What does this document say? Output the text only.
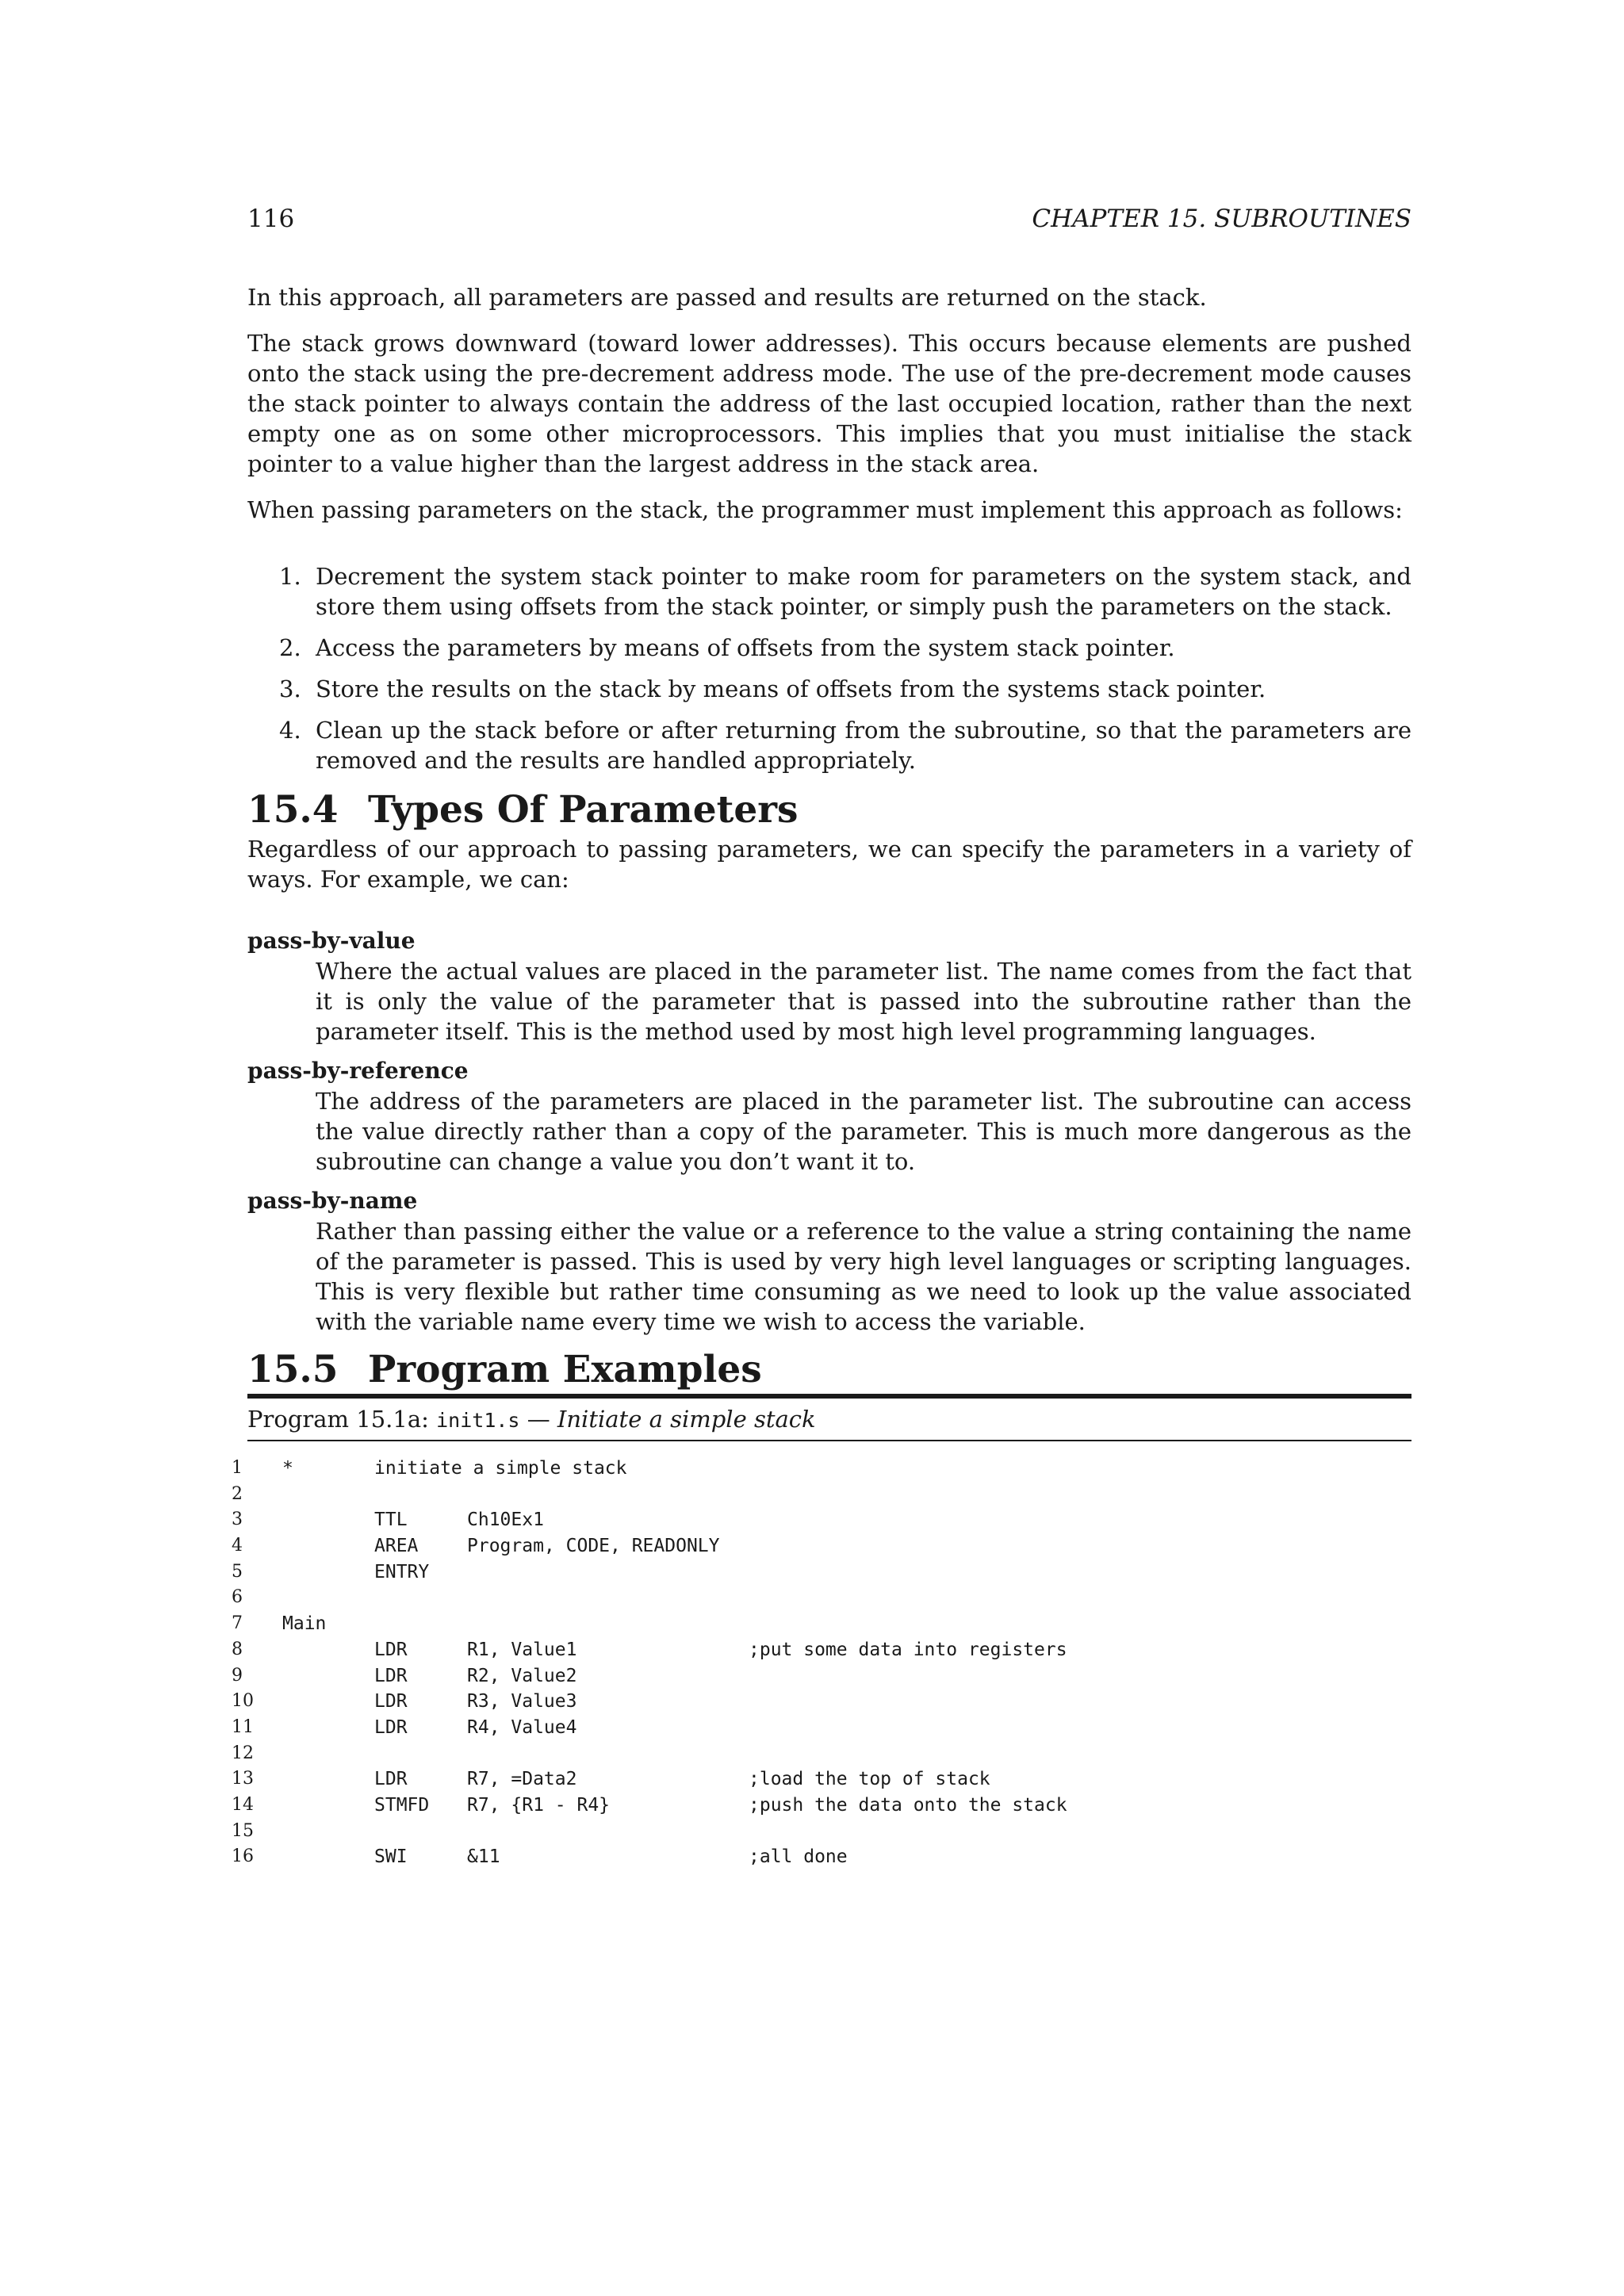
116	CHAPTER 15. SUBROUTINES

In this approach, all parameters are passed and results are returned on the stack.

The stack grows downward (toward lower addresses). This occurs because elements are pushed onto the stack using the pre-decrement address mode. The use of the pre-decrement mode causes the stack pointer to always contain the address of the last occupied location, rather than the next empty one as on some other microprocessors. This implies that you must initialise the stack pointer to a value higher than the largest address in the stack area.

When passing parameters on the stack, the programmer must implement this approach as follows:

1. Decrement the system stack pointer to make room for parameters on the system stack, and store them using offsets from the stack pointer, or simply push the parameters on the stack.
2. Access the parameters by means of offsets from the system stack pointer.
3. Store the results on the stack by means of offsets from the systems stack pointer.
4. Clean up the stack before or after returning from the subroutine, so that the parameters are removed and the results are handled appropriately.
15.4 Types Of Parameters

Regardless of our approach to passing parameters, we can specify the parameters in a variety of ways. For example, we can:

pass-by-value
Where the actual values are placed in the parameter list. The name comes from the fact that it is only the value of the parameter that is passed into the subroutine rather than the parameter itself. This is the method used by most high level programming languages.
pass-by-reference
The address of the parameters are placed in the parameter list. The subroutine can access the value directly rather than a copy of the parameter. This is much more dangerous as the subroutine can change a value you don’t want it to.
pass-by-name
Rather than passing either the value or a reference to the value a string containing the name of the parameter is passed. This is used by very high level languages or scripting languages. This is very flexible but rather time consuming as we need to look up the value associated with the variable name every time we wish to access the variable.
15.5 Program Examples
Program 15.1a: init1.s — Initiate a simple stack
1	*	initiate a simple stack
2
3	TTL	Ch10Ex1
4	AREA	Program, CODE, READONLY
5	ENTRY
6
7	Main
8	LDR	R1, Value1	;put some data into registers
9	LDR	R2, Value2
10	LDR	R3, Value3
11	LDR	R4, Value4
12
13	LDR	R7, =Data2	;load the top of stack
14	STMFD R7, {R1 - R4}	;push the data onto the stack
15
16	SWI	&11	;all done
